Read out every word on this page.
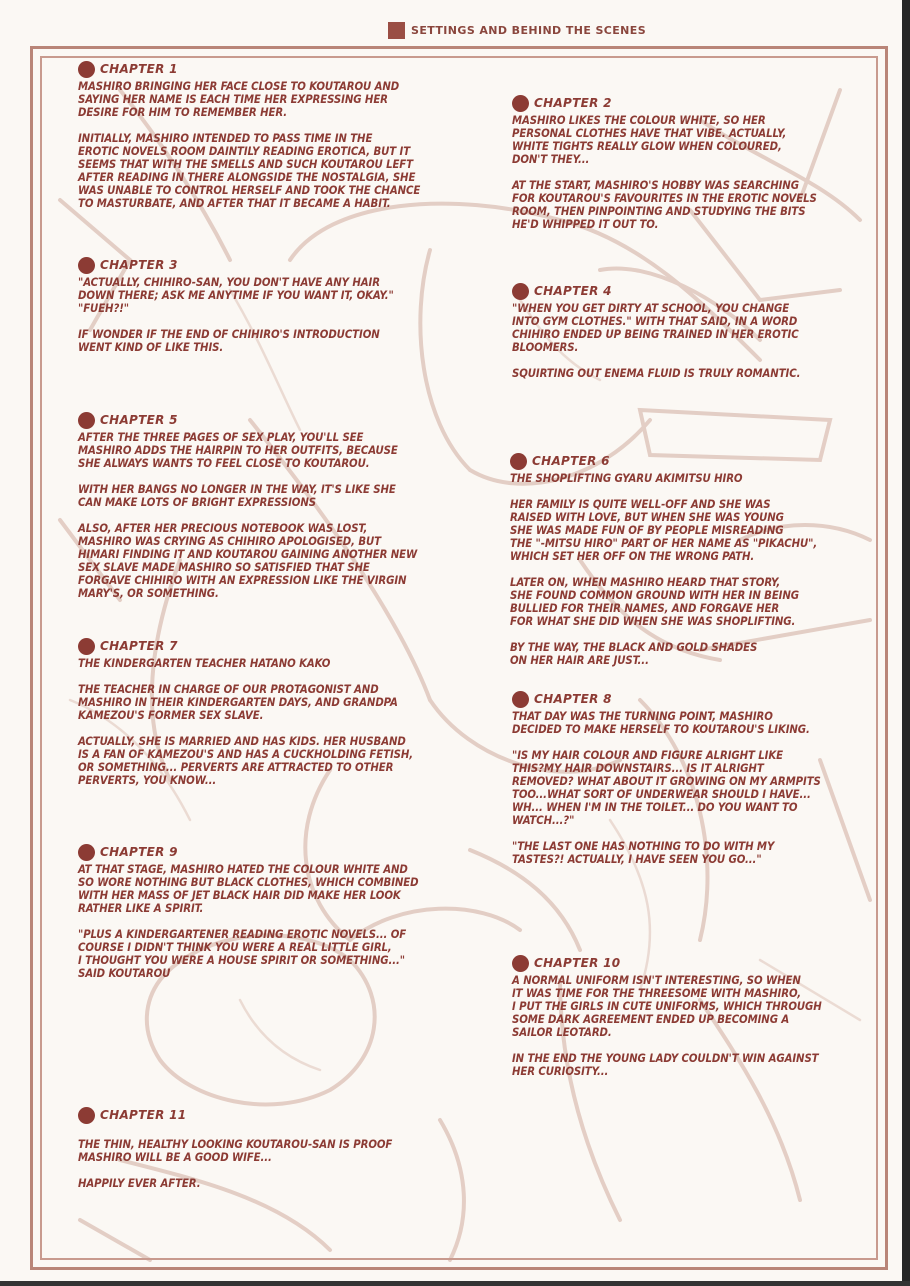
SETTINGS AND BEHIND THE SCENES
CHAPTER 1

MASHIRO BRINGING HER FACE CLOSE TO KOUTAROU AND
SAYING HER NAME IS EACH TIME HER EXPRESSING HER
DESIRE FOR HIM TO REMEMBER HER.

INITIALLY, MASHIRO INTENDED TO PASS TIME IN THE
EROTIC NOVELS ROOM DAINTILY READING EROTICA, BUT IT
SEEMS THAT WITH THE SMELLS AND SUCH KOUTAROU LEFT
AFTER READING IN THERE ALONGSIDE THE NOSTALGIA, SHE
WAS UNABLE TO CONTROL HERSELF AND TOOK THE CHANCE
TO MASTURBATE, AND AFTER THAT IT BECAME A HABIT.

CHAPTER 2

MASHIRO LIKES THE COLOUR WHITE, SO HER
PERSONAL CLOTHES HAVE THAT VIBE. ACTUALLY,
WHITE TIGHTS REALLY GLOW WHEN COLOURED,
DON'T THEY...

AT THE START, MASHIRO'S HOBBY WAS SEARCHING
FOR KOUTAROU'S FAVOURITES IN THE EROTIC NOVELS
ROOM, THEN PINPOINTING AND STUDYING THE BITS
HE'D WHIPPED IT OUT TO.

CHAPTER 3

"ACTUALLY, CHIHIRO-SAN, YOU DON'T HAVE ANY HAIR
DOWN THERE; ASK ME ANYTIME IF YOU WANT IT, OKAY."
"FUEH?!"

IF WONDER IF THE END OF CHIHIRO'S INTRODUCTION
WENT KIND OF LIKE THIS.

CHAPTER 4

"WHEN YOU GET DIRTY AT SCHOOL, YOU CHANGE
INTO GYM CLOTHES." WITH THAT SAID, IN A WORD
CHIHIRO ENDED UP BEING TRAINED IN HER EROTIC
BLOOMERS.

SQUIRTING OUT ENEMA FLUID IS TRULY ROMANTIC.

CHAPTER 5

AFTER THE THREE PAGES OF SEX PLAY, YOU'LL SEE
MASHIRO ADDS THE HAIRPIN TO HER OUTFITS, BECAUSE
SHE ALWAYS WANTS TO FEEL CLOSE TO KOUTAROU.

WITH HER BANGS NO LONGER IN THE WAY, IT'S LIKE SHE
CAN MAKE LOTS OF BRIGHT EXPRESSIONS

ALSO, AFTER HER PRECIOUS NOTEBOOK WAS LOST,
MASHIRO WAS CRYING AS CHIHIRO APOLOGISED, BUT
HIMARI FINDING IT AND KOUTAROU GAINING ANOTHER NEW
SEX SLAVE MADE MASHIRO SO SATISFIED THAT SHE
FORGAVE CHIHIRO WITH AN EXPRESSION LIKE THE VIRGIN
MARY'S, OR SOMETHING.

CHAPTER 6

THE SHOPLIFTING GYARU AKIMITSU HIRO

HER FAMILY IS QUITE WELL-OFF AND SHE WAS
RAISED WITH LOVE, BUT WHEN SHE WAS YOUNG
SHE WAS MADE FUN OF BY PEOPLE MISREADING
THE "-MITSU HIRO" PART OF HER NAME AS "PIKACHU",
WHICH SET HER OFF ON THE WRONG PATH.

LATER ON, WHEN MASHIRO HEARD THAT STORY,
SHE FOUND COMMON GROUND WITH HER IN BEING
BULLIED FOR THEIR NAMES, AND FORGAVE HER
FOR WHAT SHE DID WHEN SHE WAS SHOPLIFTING.

BY THE WAY, THE BLACK AND GOLD SHADES
ON HER HAIR ARE JUST...

CHAPTER 7

THE KINDERGARTEN TEACHER HATANO KAKO

THE TEACHER IN CHARGE OF OUR PROTAGONIST AND
MASHIRO IN THEIR KINDERGARTEN DAYS, AND GRANDPA
KAMEZOU'S FORMER SEX SLAVE.

ACTUALLY, SHE IS MARRIED AND HAS KIDS. HER HUSBAND
IS A FAN OF KAMEZOU'S AND HAS A CUCKHOLDING FETISH,
OR SOMETHING... PERVERTS ARE ATTRACTED TO OTHER
PERVERTS, YOU KNOW...

CHAPTER 8

THAT DAY WAS THE TURNING POINT, MASHIRO
DECIDED TO MAKE HERSELF TO KOUTAROU'S LIKING.

"IS MY HAIR COLOUR AND FIGURE ALRIGHT LIKE
THIS?MY HAIR DOWNSTAIRS... IS IT ALRIGHT
REMOVED? WHAT ABOUT IT GROWING ON MY ARMPITS
TOO...WHAT SORT OF UNDERWEAR SHOULD I HAVE...
WH... WHEN I'M IN THE TOILET... DO YOU WANT TO
WATCH...?"

"THE LAST ONE HAS NOTHING TO DO WITH MY
TASTES?! ACTUALLY, I HAVE SEEN YOU GO..."

CHAPTER 9

AT THAT STAGE, MASHIRO HATED THE COLOUR WHITE AND
SO WORE NOTHING BUT BLACK CLOTHES, WHICH COMBINED
WITH HER MASS OF JET BLACK HAIR DID MAKE HER LOOK
RATHER LIKE A SPIRIT.

"PLUS A KINDERGARTENER READING EROTIC NOVELS... OF
COURSE I DIDN'T THINK YOU WERE A REAL LITTLE GIRL,
I THOUGHT YOU WERE A HOUSE SPIRIT OR SOMETHING..."
SAID KOUTAROU

CHAPTER 10

A NORMAL UNIFORM ISN'T INTERESTING, SO WHEN
IT WAS TIME FOR THE THREESOME WITH MASHIRO,
I PUT THE GIRLS IN CUTE UNIFORMS, WHICH THROUGH
SOME DARK AGREEMENT ENDED UP BECOMING A
SAILOR LEOTARD.

IN THE END THE YOUNG LADY COULDN'T WIN AGAINST
HER CURIOSITY...

CHAPTER 11

THE THIN, HEALTHY LOOKING KOUTAROU-SAN IS PROOF
MASHIRO WILL BE A GOOD WIFE...

HAPPILY EVER AFTER.
